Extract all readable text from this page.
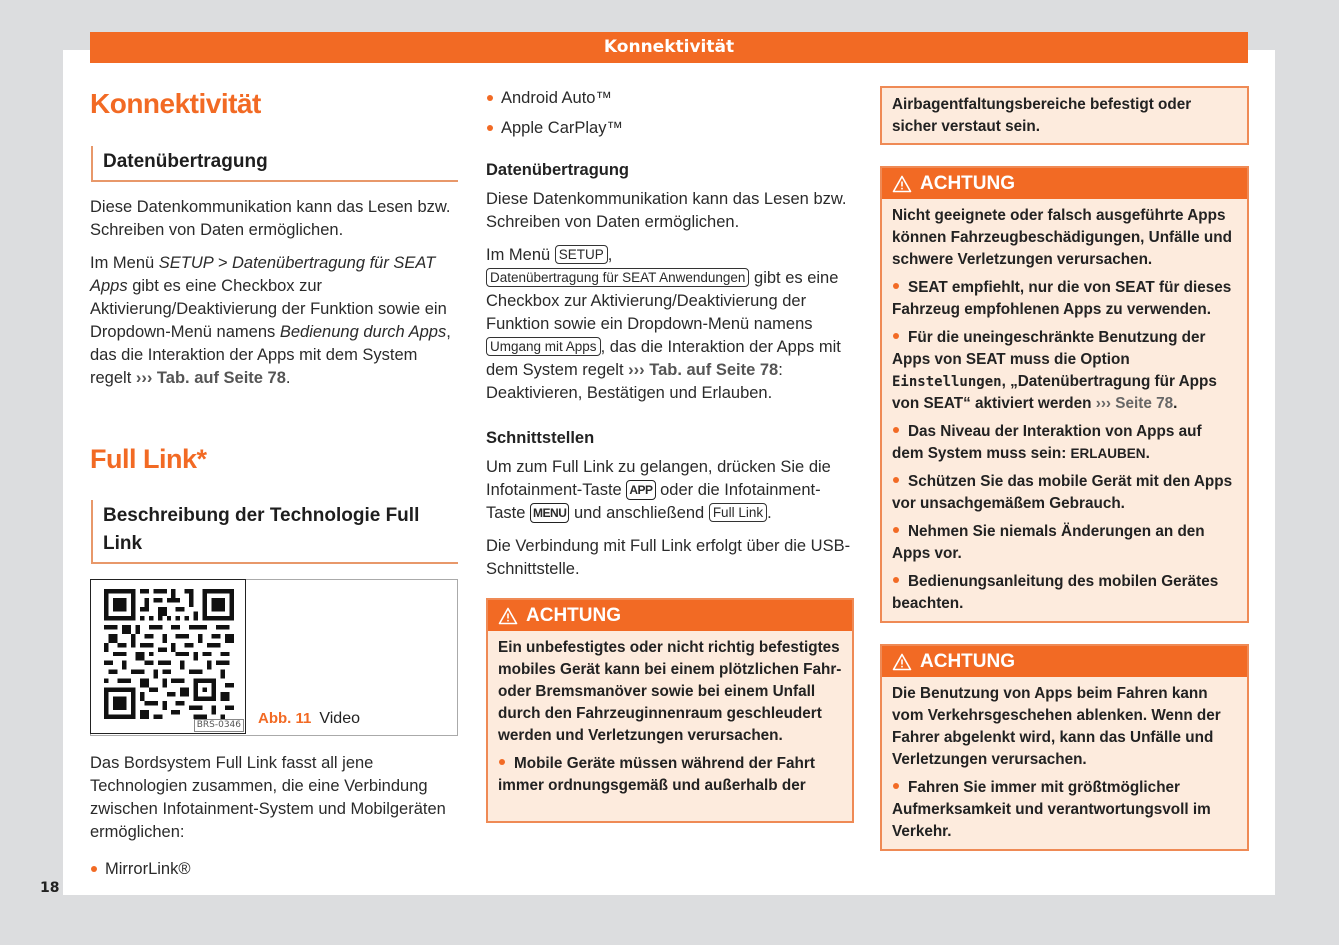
Konnektivität
18
Konnektivität
Datenübertragung

Diese Datenkommunikation kann das Lesen bzw. Schreiben von Daten ermöglichen.

Im Menü SETUP > Datenübertragung für SEAT Apps gibt es eine Checkbox zur Aktivierung/Deaktivierung der Funktion sowie ein Dropdown-Menü namens Bedienung durch Apps, das die Interaktion der Apps mit dem System regelt ››› Tab. auf Seite 78.

Full Link*
Beschreibung der Technologie Full Link
BRS-0346 Abb. 11 Video

Das Bordsystem Full Link fasst all jene Technologien zusammen, die eine Verbindung zwischen Infotainment-System und Mobilgeräten ermöglichen:

MirrorLink®
Android Auto™
Apple CarPlay™
Datenübertragung

Diese Datenkommunikation kann das Lesen bzw. Schreiben von Daten ermöglichen.

Im Menü SETUP ,
Datenübertragung für SEAT Anwendungen gibt es eine Checkbox zur Aktivierung/Deaktivierung der Funktion sowie ein Dropdown-Menü namens Umgang mit Apps , das die Interaktion der Apps mit dem System regelt ››› Tab. auf Seite 78: Deaktivieren, Bestätigen und Erlauben.

Schnittstellen

Um zum Full Link zu gelangen, drücken Sie die Infotainment-Taste APP oder die Infotainment-Taste MENU und anschließend Full Link .

Die Verbindung mit Full Link erfolgt über die USB-Schnittstelle.

ACHTUNG

Ein unbefestigtes oder nicht richtig befestigtes mobiles Gerät kann bei einem plötzlichen Fahr- oder Bremsmanöver sowie bei einem Unfall durch den Fahrzeuginnenraum geschleudert werden und Verletzungen verursachen.

Mobile Geräte müssen während der Fahrt immer ordnungsgemäß und außerhalb der

Airbagentfaltungsbereiche befestigt oder sicher verstaut sein.
ACHTUNG

Nicht geeignete oder falsch ausgeführte Apps können Fahrzeugbeschädigungen, Unfälle und schwere Verletzungen verursachen.

SEAT empfiehlt, nur die von SEAT für dieses Fahrzeug empfohlenen Apps zu verwenden.

Für die uneingeschränkte Benutzung der Apps von SEAT muss die Option Einstellungen, „Datenübertragung für Apps von SEAT“ aktiviert werden ››› Seite 78.

Das Niveau der Interaktion von Apps auf dem System muss sein: ERLAUBEN.

Schützen Sie das mobile Gerät mit den Apps vor unsachgemäßem Gebrauch.

Nehmen Sie niemals Änderungen an den Apps vor.

Bedienungsanleitung des mobilen Gerätes beachten.

ACHTUNG

Die Benutzung von Apps beim Fahren kann vom Verkehrsgeschehen ablenken. Wenn der Fahrer abgelenkt wird, kann das Unfälle und Verletzungen verursachen.

Fahren Sie immer mit größtmöglicher Aufmerksamkeit und verantwortungsvoll im Verkehr.
